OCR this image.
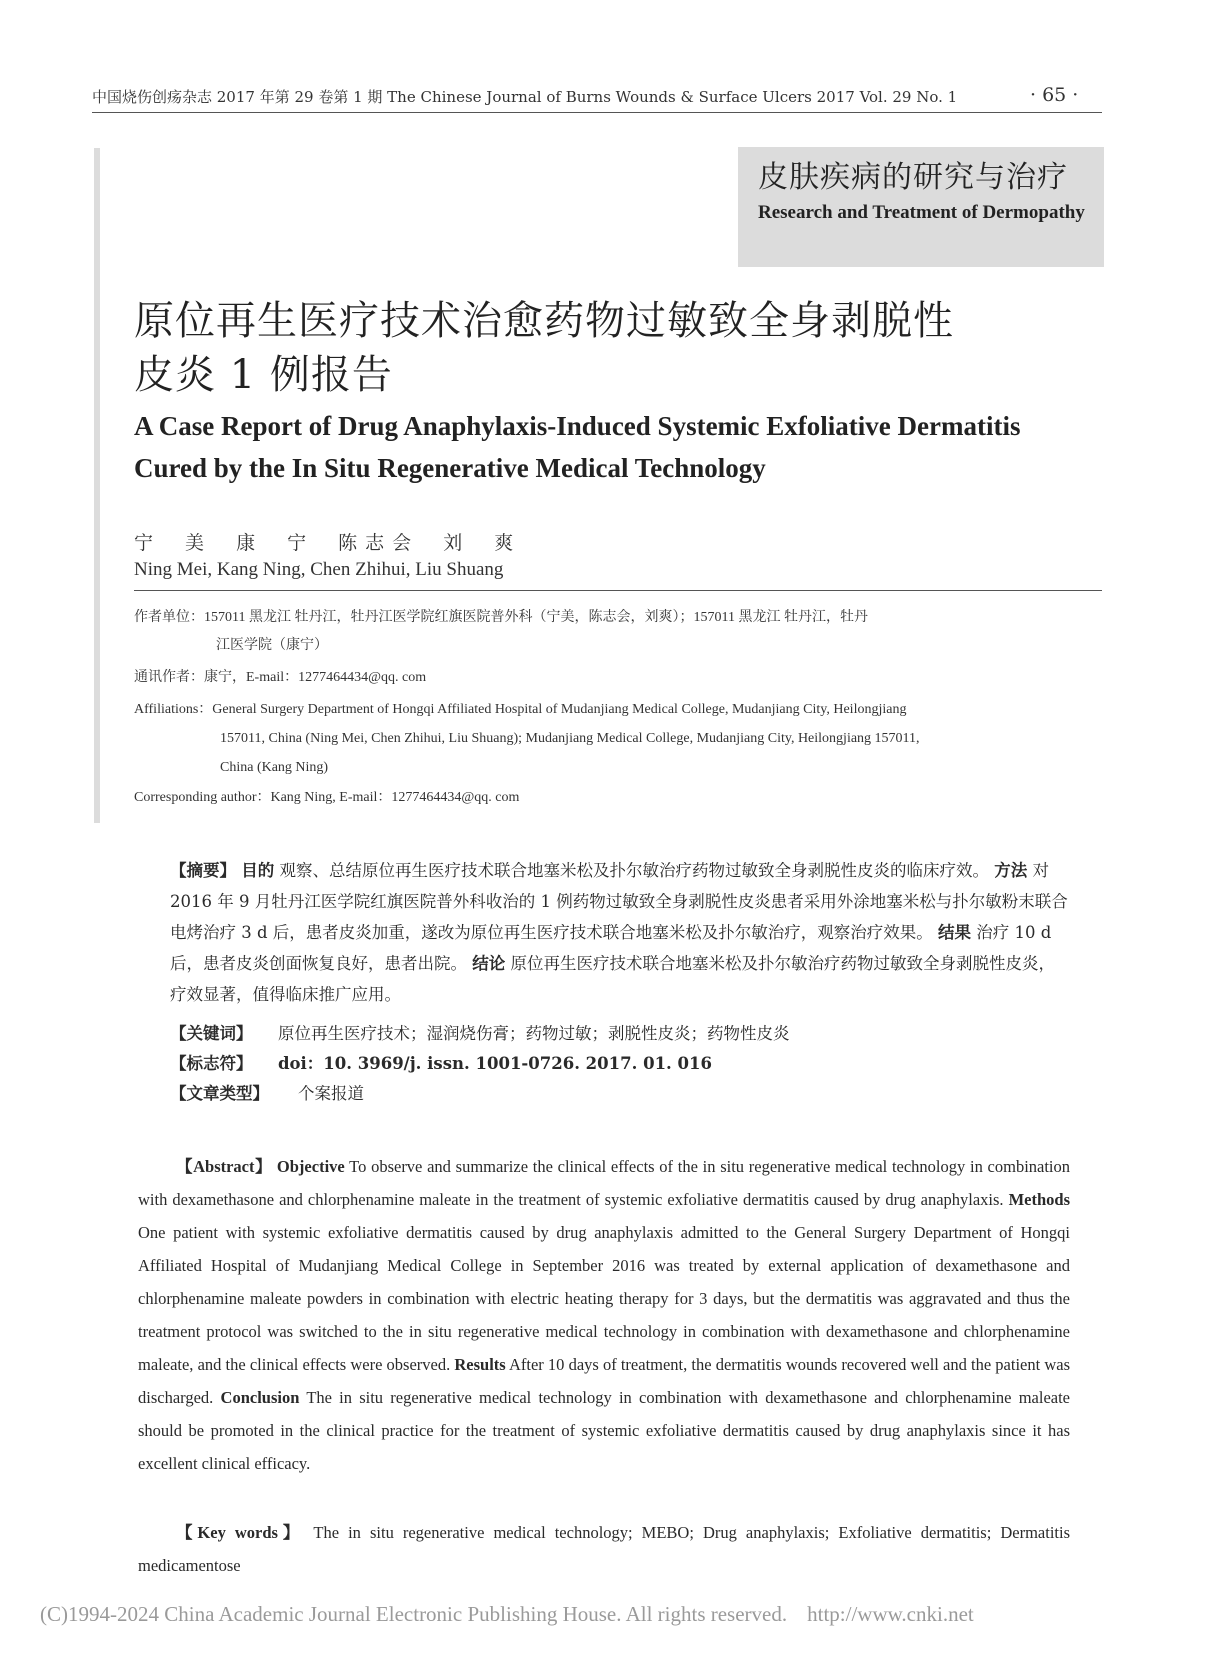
中国烧伤创疡杂志 2017 年第 29 卷第 1 期 The Chinese Journal of Burns Wounds & Surface Ulcers 2017 Vol. 29 No. 1	· 65 ·
皮肤疾病的研究与治疗
Research and Treatment of Dermopathy
原位再生医疗技术治愈药物过敏致全身剥脱性
皮炎 1 例报告
A Case Report of Drug Anaphylaxis-Induced Systemic Exfoliative Dermatitis
Cured by the In Situ Regenerative Medical Technology
宁 美 康 宁 陈志会 刘 爽
Ning Mei, Kang Ning, Chen Zhihui, Liu Shuang
作者单位：157011 黑龙江 牡丹江，牡丹江医学院红旗医院普外科（宁美，陈志会，刘爽）；157011 黑龙江 牡丹江，牡丹
江医学院（康宁）
通讯作者：康宁，E-mail：1277464434@qq. com
Affiliations：General Surgery Department of Hongqi Affiliated Hospital of Mudanjiang Medical College, Mudanjiang City, Heilongjiang
157011, China (Ning Mei, Chen Zhihui, Liu Shuang); Mudanjiang Medical College, Mudanjiang City, Heilongjiang 157011,
China (Kang Ning)
Corresponding author：Kang Ning, E-mail：1277464434@qq. com
【摘要】 目的 观察、总结原位再生医疗技术联合地塞米松及扑尔敏治疗药物过敏致全身剥脱性皮炎的临床疗效。 方法 对 2016 年 9 月牡丹江医学院红旗医院普外科收治的 1 例药物过敏致全身剥脱性皮炎患者采用外涂地塞米松与扑尔敏粉末联合电烤治疗 3 d 后，患者皮炎加重，遂改为原位再生医疗技术联合地塞米松及扑尔敏治疗，观察治疗效果。 结果 治疗 10 d 后，患者皮炎创面恢复良好，患者出院。 结论 原位再生医疗技术联合地塞米松及扑尔敏治疗药物过敏致全身剥脱性皮炎，疗效显著，值得临床推广应用。
【关键词】 原位再生医疗技术；湿润烧伤膏；药物过敏；剥脱性皮炎；药物性皮炎
【标志符】 doi：10. 3969/j. issn. 1001-0726. 2017. 01. 016
【文章类型】 个案报道
【Abstract】 Objective To observe and summarize the clinical effects of the in situ regenerative medical technology in combination with dexamethasone and chlorphenamine maleate in the treatment of systemic exfoliative dermatitis caused by drug anaphylaxis. Methods One patient with systemic exfoliative dermatitis caused by drug anaphylaxis admitted to the General Surgery Department of Hongqi Affiliated Hospital of Mudanjiang Medical College in September 2016 was treated by external application of dexamethasone and chlorphenamine maleate powders in combination with electric heating therapy for 3 days, but the dermatitis was aggravated and thus the treatment protocol was switched to the in situ regenerative medical technology in combination with dexamethasone and chlorphenamine maleate, and the clinical effects were observed. Results After 10 days of treatment, the dermatitis wounds recovered well and the patient was discharged. Conclusion The in situ regenerative medical technology in combination with dexamethasone and chlorphenamine maleate should be promoted in the clinical practice for the treatment of systemic exfoliative dermatitis caused by drug anaphylaxis since it has excellent clinical efficacy.
【Key words】 The in situ regenerative medical technology; MEBO; Drug anaphylaxis; Exfoliative dermatitis; Dermatitis medicamentose
(C)1994-2024 China Academic Journal Electronic Publishing House. All rights reserved. http://www.cnki.net
